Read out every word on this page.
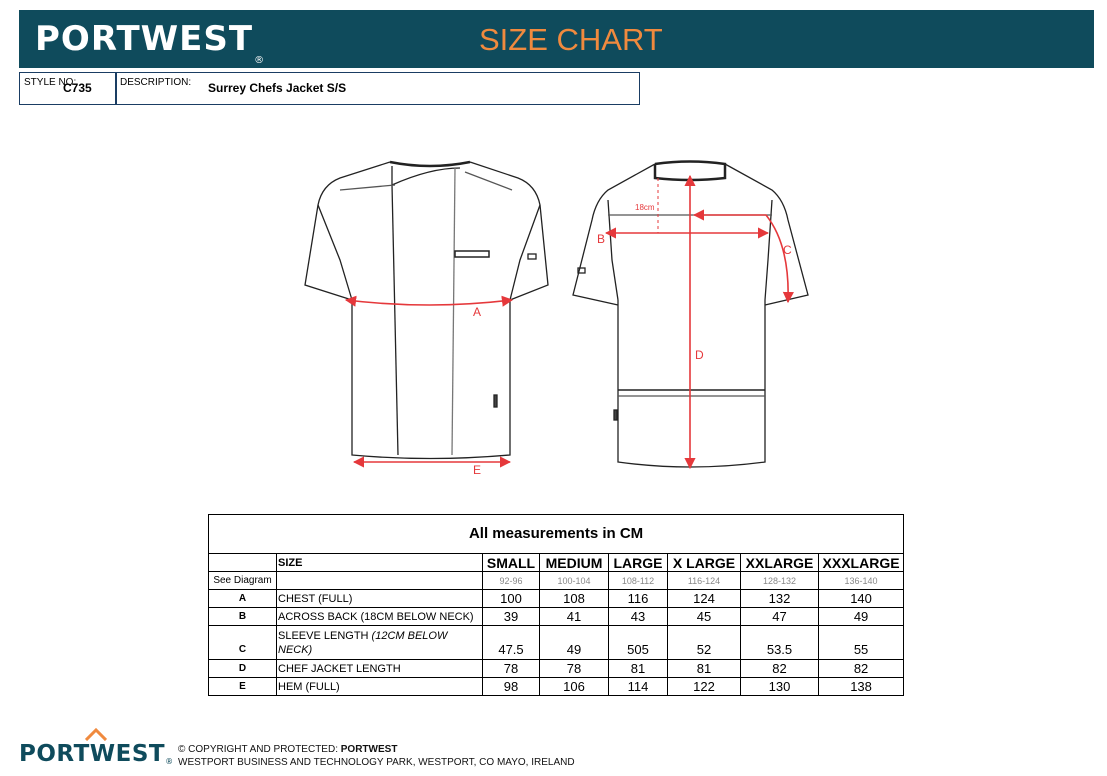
PORTWEST®
SIZE CHART
STYLE NO:
C735	DESCRIPTION: Surrey Chefs Jacket S/S
A
E
B
C
D
18cm
All measurements in CM							
	SIZE	SMALL	MEDIUM	LARGE	X LARGE	XXLARGE	XXXLARGE
See Diagram		92-96	100-104	108-112	116-124	128-132	136-140
A	CHEST (FULL)	100	108	116	124	132	140
B	ACROSS BACK (18CM BELOW NECK)	39	41	43	45	47	49
C	SLEEVE LENGTH (12CM BELOW NECK)	47.5	49	505	52	53.5	55
D	CHEF JACKET LENGTH	78	78	81	81	82	82
E	HEM (FULL)	98	106	114	122	130	138
PORTWEST®
© COPYRIGHT AND PROTECTED: PORTWEST
WESTPORT BUSINESS AND TECHNOLOGY PARK, WESTPORT, CO MAYO, IRELAND
